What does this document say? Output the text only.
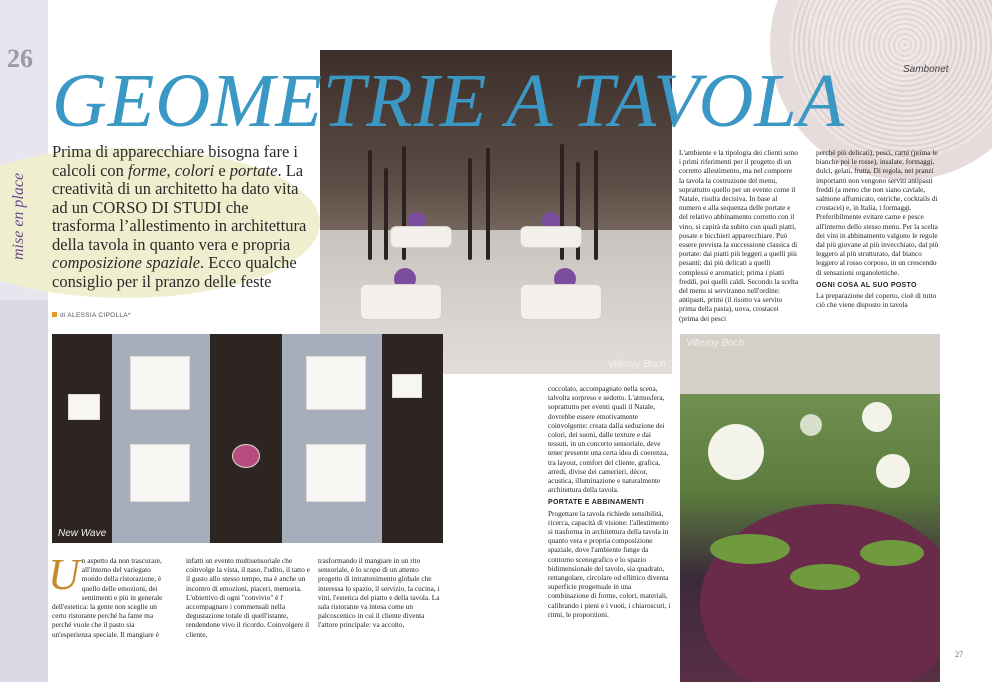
26
mise en place
Villeroy Boch
New Wave
Villeroy Boch
GEOMETRIE A TAVOLA	Sambonet
Prima di apparecchiare bisogna fare i calcoli con forme, colori e portate. La creatività di un architetto ha dato vita ad un CORSO DI STUDI che trasforma l’allestimento in architettura della tavola in quanto vera e propria composizione spaziale. Ecco qualche consiglio per il pranzo delle feste
di ALESSIA CIPOLLA*
U n aspetto da non trascurare, all'interno del variegato mondo della ristorazione, è quello delle emozioni, dei sentimenti e più in generale dell'estetica: la gente non sceglie un certo ristorante perché ha fame ma perché vuole che il pasto sia un'esperienza speciale. Il mangiare è

infatti un evento multisensoriale che coinvolge la vista, il naso, l'udito, il tatto e il gusto allo stesso tempo, ma è anche un incontro di emozioni, piaceri, memoria. L'obiettivo di ogni "convivio" è l' accompagnare i commensali nella degustazione totale di quell'istante, rendendone vivo il ricordo. Coinvolgere il cliente,

trasformando il mangiare in un rito sensoriale, è lo scopo di un attento progetto di intrattenimento globale che interessa lo spazio, il servizio, la cucina, i vini, l'estetica del piatto e della tavola. La sala ristorante va intesa come un palcoscenico in cui il cliente diventa l'attore principale: va accolto,

coccolato, accompagnato nella scena, talvolta sorpreso e sedotto. L'atmosfera, soprattutto per eventi quali il Natale, dovrebbe essere emotivamente coinvolgente: creata dalla seduzione dei colori, dei suoni, dalle texture e dai tessuti, in un concerto sensoriale, deve tener presente una certa idea di coerenza, tra layout, comfort del cliente, grafica, arredi, divise dei camerieri, décor, acustica, illuminazione e naturalmente architettura della tavola.

PORTATE E ABBINAMENTI

Progettare la tavola richiede sensibilità, ricerca, capacità di visione: l'allestimento si trasforma in architettura della tavola in quanto vera e propria composizione spaziale, dove l'ambiente funge da contorno scenografico e lo spazio bidimensionale del tavolo, sia quadrato, rettangolare, circolare od ellittico diventa superficie progettuale in una combinazione di forme, colori, materiali, calibrando i pieni e i vuoti, i chiaroscuri, i ritmi, le proporzioni.

L'ambiente e la tipologia dei clienti sono i primi riferimenti per il progetto di un corretto allestimento, ma nel comporre la tavola la costruzione del menu, soprattutto quello per un evento come il Natale, risulta decisiva. In base al numero e alla sequenza delle portate e del relativo abbinamento corretto con il vino, si capirà da subito con quali piatti, posate e bicchieri apparecchiare. Può essere prevista la successione classica di portate: dai piatti più leggeri a quelli più pesanti; dai più delicati a quelli complessi e aromatici; prima i piatti freddi, poi quelli caldi. Secondo la scelta del menu si serviranno nell'ordine: antipasti, primi (il risotto va servito prima della pasta), uova, crostacei (prima dei pesci

perché più delicati), pesci, carni (prima le bianche poi le rosse), insalate, formaggi, dolci, gelati, frutta. Di regola, nei pranzi importanti non vengono serviti antipasti freddi (a meno che non siano caviale, salmone affumicato, ostriche, cocktails di crostacei) e, in Italia, i formaggi. Preferibilmente evitare carne e pesce all'interno dello stesso menu. Per la scelta dei vini in abbinamento valgono le regole dal più giovane al più invecchiato, dal più leggero al più strutturato, dal bianco leggero al rosso corposo, in un crescendo di sensazioni organolettiche.

OGNI COSA AL SUO POSTO

La preparazione del coperto, cioè di tutto ciò che viene disposto in tavola

27
